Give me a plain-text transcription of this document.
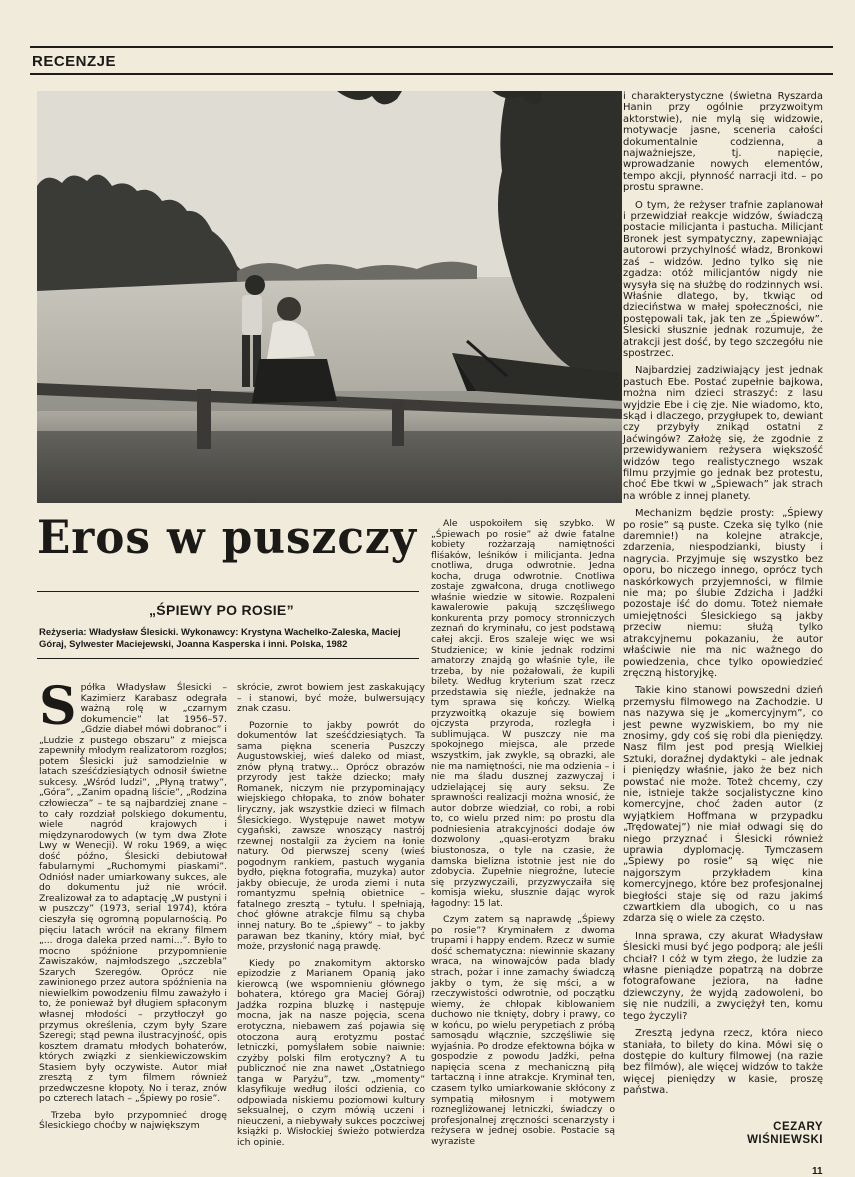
RECENZJE
Eros w puszczy
„ŚPIEWY PO ROSIE”
Reżyseria: Władysław Ślesicki. Wykonawcy: Krystyna Wachelko-Zaleska, Maciej Góraj, Sylwester Maciejewski, Joanna Kasperska i inni. Polska, 1982

Spółka Władysław Ślesicki – Kazimierz Karabasz odegrała ważną rolę w „czarnym dokumencie” lat 1956–57. „Gdzie diabeł mówi dobranoc” i „Ludzie z pustego obszaru” z miejsca zapewniły młodym realizatorom rozgłos; potem Ślesicki już samodzielnie w latach sześćdziesiątych odnosił świetne sukcesy. „Wśród ludzi”, „Płyną tratwy”, „Góra”, „Zanim opadną liście”, „Rodzina człowiecza” – te są najbardziej znane – to cały rozdział polskiego dokumentu, wiele nagród krajowych i międzynarodowych (w tym dwa Złote Lwy w Wenecji). W roku 1969, a więc dość późno, Ślesicki debiutował fabularnymi „Ruchomymi piaskami”. Odniósł nader umiarkowany sukces, ale do dokumentu już nie wrócił. Zrealizował za to adaptację „W pustyni i w puszczy” (1973, serial 1974), która cieszyła się ogromną popularnością. Po pięciu latach wrócił na ekrany filmem „... droga daleka przed nami...”. Było to mocno spóźnione przypomnienie Zawiszaków, najmłodszego „szczebla” Szarych Szeregów. Oprócz nie zawinionego przez autora spóźnienia na niewielkim powodzeniu filmu zaważyło i to, że ponieważ był długiem spłaconym własnej młodości – przytłoczył go przymus określenia, czym były Szare Szeregi; stąd pewna ilustracyjność, opis kosztem dramatu młodych bohaterów, których związki z sienkiewiczowskim Stasiem były oczywiste. Autor miał zresztą z tym filmem również przedwczesne kłopoty. No i teraz, znów po czterech latach – „Śpiewy po rosie”.

Trzeba było przypomnieć drogę Ślesickiego choćby w największym

skrócie, zwrot bowiem jest zaskakujący – i stanowi, być może, bulwersujący znak czasu.

Pozornie to jakby powrót do dokumentów lat sześćdziesiątych. Ta sama piękna sceneria Puszczy Augustowskiej, wieś daleko od miast, znów płyną tratwy... Oprócz obrazów przyrody jest także dziecko; mały Romanek, niczym nie przypominający wiejskiego chłopaka, to znów bohater liryczny, jak wszystkie dzieci w filmach Ślesickiego. Występuje nawet motyw cygański, zawsze wnoszący nastrój rzewnej nostalgii za życiem na łonie natury. Od pierwszej sceny (wieś pogodnym rankiem, pastuch wygania bydło, piękna fotografia, muzyka) autor jakby obiecuje, że uroda ziemi i nuta romantyzmu spełnią obietnice – fatalnego zresztą – tytułu. I spełniają, choć główne atrakcje filmu są chyba innej natury. Bo te „śpiewy” – to jakby parawan bez tkaniny, który miał, być może, przysłonić nagą prawdę.

Kiedy po znakomitym aktorsko epizodzie z Marianem Opanią jako kierowcą (we wspomnieniu głównego bohatera, którego gra Maciej Góraj) Jadźka rozpina bluzkę i następuje mocna, jak na nasze pojęcia, scena erotyczna, niebawem zaś pojawia się otoczona aurą erotyzmu postać letniczki, pomyślałem sobie naiwnie: czyżby polski film erotyczny? A tu publicznoć nie zna nawet „Ostatniego tanga w Paryżu”, tzw. „momenty” klasyfikuje według ilości odzienia, co odpowiada niskiemu poziomowi kultury seksualnej, o czym mówią uczeni i nieuczeni, a niebywały sukces poczciwej książki p. Wisłockiej świeżo potwierdza ich opinie.

Ale uspokoiłem się szybko. W „Śpiewach po rosie” aż dwie fatalne kobiety rozżarzają namiętności fliśaków, leśników i milicjanta. Jedna cnotliwa, druga odwrotnie. Jedna kocha, druga odwrotnie. Cnotliwa zostaje zgwałcona, druga cnotliwego właśnie wiedzie w sitowie. Rozpaleni kawalerowie pakują szczęśliwego konkurenta przy pomocy stronniczych zeznań do kryminału, co jest podstawą całej akcji. Eros szaleje więc we wsi Studzienice; w kinie jednak rodzimi amatorzy znajdą go właśnie tyle, ile trzeba, by nie pożałowali, że kupili bilety. Według kryterium szat rzecz przedstawia się nieźle, jednakże na tym sprawa się kończy. Wielką przyzwoitką okazuje się bowiem ojczysta przyroda, rozległa i sublimująca. W puszczy nie ma spokojnego miejsca, ale przede wszystkim, jak zwykle, są obrazki, ale nie ma namiętności, nie ma odzienia – i nie ma śladu dusznej zazwyczaj i udzielającej się aury seksu. Ze sprawności realizacji można wnosić, że autor dobrze wiedział, co robi, a robi to, co wielu przed nim: po prostu dla podniesienia atrakcyjności dodaje ów dozwolony „quasi-erotyzm braku biustonosza, o tyle na czasie, że damska bielizna istotnie jest nie do zdobycia. Zupełnie niegroźne, lutecie się przyzwyczaili, przyzwyczaiła się komisja wieku, słusznie dając wyrok łagodny: 15 lat.

Czym zatem są naprawdę „Śpiewy po rosie”? Kryminałem z dwoma trupami i happy endem. Rzecz w sumie dość schematyczna: niewinnie skazany wraca, na winowajców pada blady strach, pożar i inne zamachy świadczą jakby o tym, że się mści, a w rzeczywistości odwrotnie, od początku wiemy, że chłopak kiblowaniem duchowo nie tknięty, dobry i prawy, co w końcu, po wielu perypetiach z próbą samosądu włącznie, szczęśliwie się wyjaśnia. Po drodze efektowna bójka w gospodzie z powodu Jadźki, pełna napięcia scena z mechaniczną piłą tartaczną i inne atrakcje. Kryminał ten, czasem tylko umiarkowanie skłócony z sympatią miłosnym i motywem roznegliżowanej letniczki, świadczy o profesjonalnej zręczności scenarzysty i reżysera w jednej osobie. Postacie są wyraziste

i charakterystyczne (świetna Ryszarda Hanin przy ogólnie przyzwoitym aktorstwie), nie mylą się widzowie, motywacje jasne, sceneria całości dokumentalnie codzienna, a najważniejsze, tj. napięcie, wprowadzanie nowych elementów, tempo akcji, płynność narracji itd. – po prostu sprawne.

O tym, że reżyser trafnie zaplanował i przewidział reakcje widzów, świadczą postacie milicjanta i pastucha. Milicjant Bronek jest sympatyczny, zapewniając autorowi przychylność władz, Bronkowi zaś – widzów. Jedno tylko się nie zgadza: otóż milicjantów nigdy nie wysyła się na służbę do rodzinnych wsi. Właśnie dlatego, by, tkwiąc od dzieciństwa w małej społeczności, nie postępowali tak, jak ten ze „Śpiewów”. Ślesicki słusznie jednak rozumuje, że atrakcji jest dość, by tego szczegółu nie spostrzec.

Najbardziej zadziwiający jest jednak pastuch Ebe. Postać zupełnie bajkowa, można nim dzieci straszyć: z lasu wyjdzie Ebe i cię zje. Nie wiadomo, kto, skąd i dlaczego, przygłupek to, dewiant czy przybyły znikąd ostatni z Jaćwingów? Założę się, że zgodnie z przewidywaniem reżysera większość widzów tego realistycznego wszak filmu przyjmie go jednak bez protestu, choć Ebe tkwi w „Śpiewach” jak strach na wróble z innej planety.

Mechanizm będzie prosty: „Śpiewy po rosie” są puste. Czeka się tylko (nie daremnie!) na kolejne atrakcje, zdarzenia, niespodzianki, biusty i nagrycia. Przyjmuje się wszystko bez oporu, bo niczego innego, oprócz tych naskórkowych przyjemności, w filmie nie ma; po ślubie Zdzicha i Jadźki pozostaje iść do domu. Toteż niemałe umiejętności Ślesickiego są jakby przeciw niemu: służą tylko atrakcyjnemu pokazaniu, że autor właściwie nie ma nic ważnego do powiedzenia, chce tylko opowiedzieć zręczną historyjkę.

Takie kino stanowi powszedni dzień przemysłu filmowego na Zachodzie. U nas nazywa się je „komercyjnym”, co jest pewne wyzwiskiem, bo my nie znosimy, gdy coś się robi dla pieniędzy. Nasz film jest pod presją Wielkiej Sztuki, doraźnej dydaktyki – ale jednak i pieniędzy właśnie, jako że bez nich powstać nie może. Toteż chcemy, czy nie, istnieje także socjalistyczne kino komercyjne, choć żaden autor (z wyjątkiem Hoffmana w przypadku „Trędowatej”) nie miał odwagi się do niego przyznać i Ślesicki również uprawia dyplomację. Tymczasem „Śpiewy po rosie” są więc nie najgorszym przykładem kina komercyjnego, które bez profesjonalnej biegłości staje się od razu jakimś czwartkiem dla ubogich, co u nas zdarza się o wiele za często.

Inna sprawa, czy akurat Władysław Ślesicki musi być jego podporą; ale jeśli chciał? I cóż w tym złego, że ludzie za własne pieniądze popatrzą na dobrze fotografowane jeziora, na ładne dziewczyny, że wyjdą zadowoleni, bo się nie nudzili, a zwyciężył ten, komu tego życzyli?

Zresztą jedyna rzecz, która nieco staniała, to bilety do kina. Mówi się o dostępie do kultury filmowej (na razie bez filmów), ale więcej widzów to także więcej pieniędzy w kasie, proszę państwa.

CEZARY
WIŚNIEWSKI
11
